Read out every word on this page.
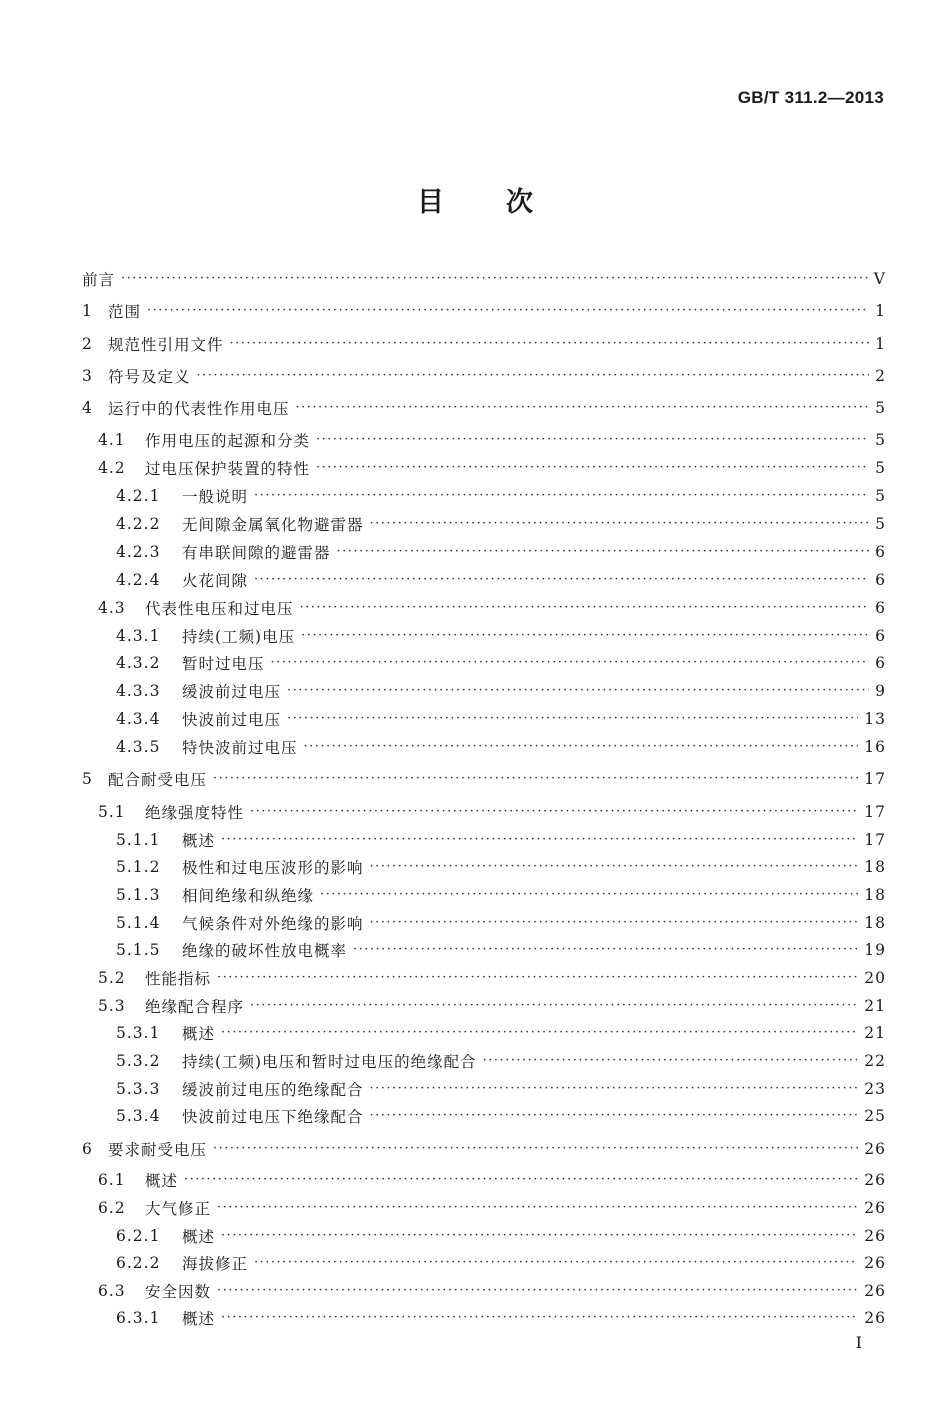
GB/T 311.2—2013
目 次
前言 ·····	V
1 范围 ·····	1
2 规范性引用文件 ·····	1
3 符号及定义 ·····	2
4 运行中的代表性作用电压 ·····	5
4.1	作用电压的起源和分类 ·····	5
4.2	过电压保护装置的特性 ·····	5
4.2.1	一般说明 ·····	5
4.2.2	无间隙金属氧化物避雷器 ·····	5
4.2.3	有串联间隙的避雷器 ·····	6
4.2.4	火花间隙 ·····	6
4.3	代表性电压和过电压 ·····	6
4.3.1	持续(工频)电压 ·····	6
4.3.2	暂时过电压 ·····	6
4.3.3	缓波前过电压 ·····	9
4.3.4	快波前过电压 ·····	13
4.3.5	特快波前过电压 ·····	16
5 配合耐受电压 ·····	17
5.1	绝缘强度特性 ·····	17
5.1.1	概述 ·····	17
5.1.2	极性和过电压波形的影响 ·····	18
5.1.3	相间绝缘和纵绝缘 ·····	18
5.1.4	气候条件对外绝缘的影响 ·····	18
5.1.5	绝缘的破坏性放电概率 ·····	19
5.2	性能指标 ·····	20
5.3	绝缘配合程序 ·····	21
5.3.1	概述 ·····	21
5.3.2	持续(工频)电压和暂时过电压的绝缘配合 ·····	22
5.3.3	缓波前过电压的绝缘配合 ·····	23
5.3.4	快波前过电压下绝缘配合 ·····	25
6 要求耐受电压 ·····	26
6.1	概述 ·····	26
6.2	大气修正 ·····	26
6.2.1	概述 ·····	26
6.2.2	海拔修正 ·····	26
6.3	安全因数 ·····	26
6.3.1	概述 ·····	26
I
